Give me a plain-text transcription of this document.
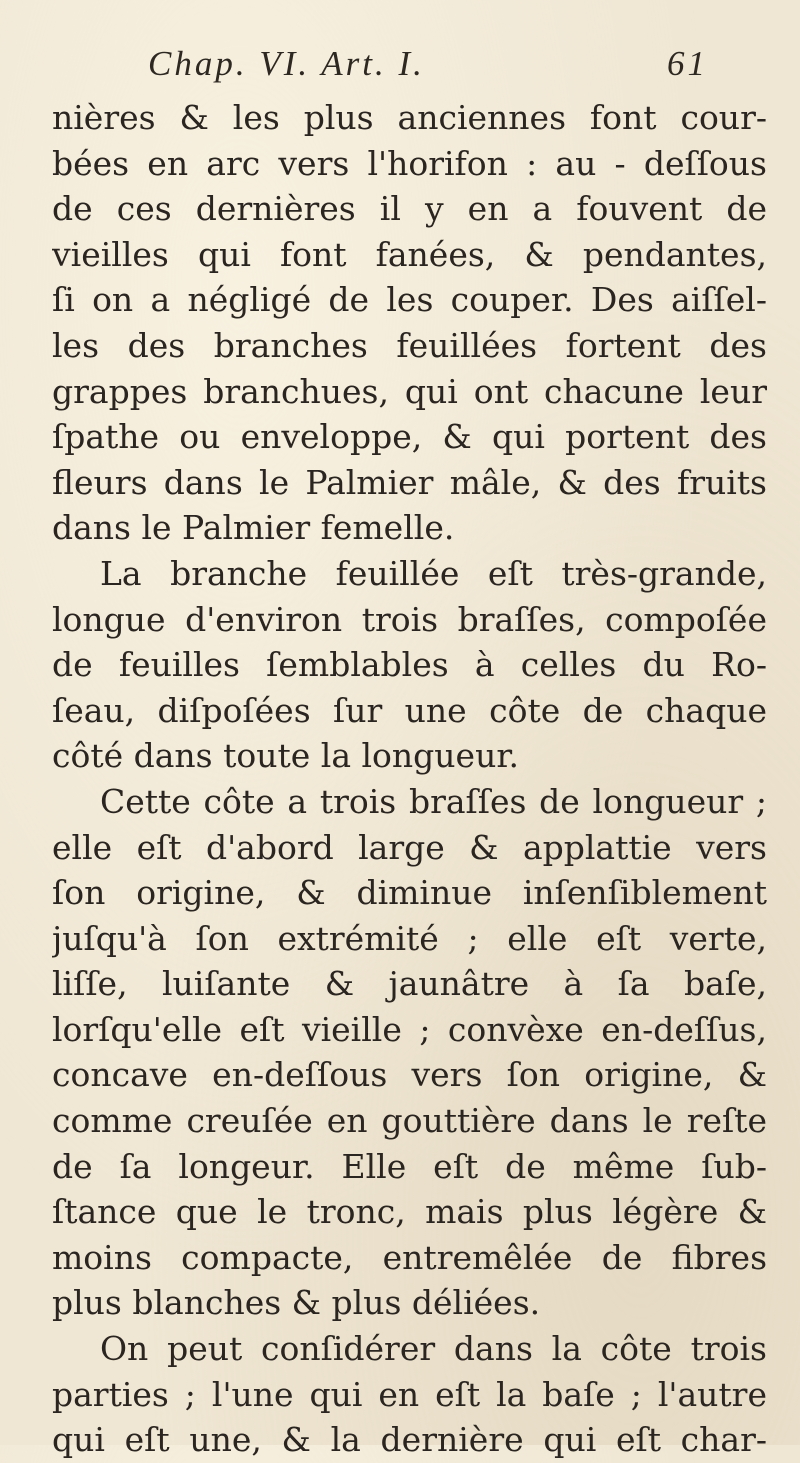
Chap. VI. Art. I.	61
nières & les plus anciennes font cour-
bées en arc vers l'horifon : au - deſſous
de ces dernières il y en a fouvent de
vieilles qui font fanées, & pendantes,
ſi on a négligé de les couper. Des aiſſel-
les des branches feuillées fortent des
grappes branchues, qui ont chacune leur
ſpathe ou enveloppe, & qui portent des
fleurs dans le Palmier mâle, & des fruits
dans le Palmier femelle.
La branche feuillée eſt très-grande,
longue d'environ trois braſſes, compoſée
de feuilles ſemblables à celles du Ro-
ſeau, diſpoſées ſur une côte de chaque
côté dans toute la longueur.
Cette côte a trois braſſes de longueur ;
elle eſt d'abord large & applattie vers
ſon origine, & diminue inſenſiblement
juſqu'à ſon extrémité ; elle eſt verte,
liſſe, luiſante & jaunâtre à ſa baſe,
lorſqu'elle eſt vieille ; convèxe en-deſſus,
concave en-deſſous vers ſon origine, &
comme creuſée en gouttière dans le reſte
de ſa longeur. Elle eſt de même ſub-
ſtance que le tronc, mais plus légère &
moins compacte, entremêlée de fibres
plus blanches & plus déliées.
On peut conſidérer dans la côte trois
parties ; l'une qui en eſt la baſe ; l'autre
qui eſt une, & la dernière qui eſt char-
